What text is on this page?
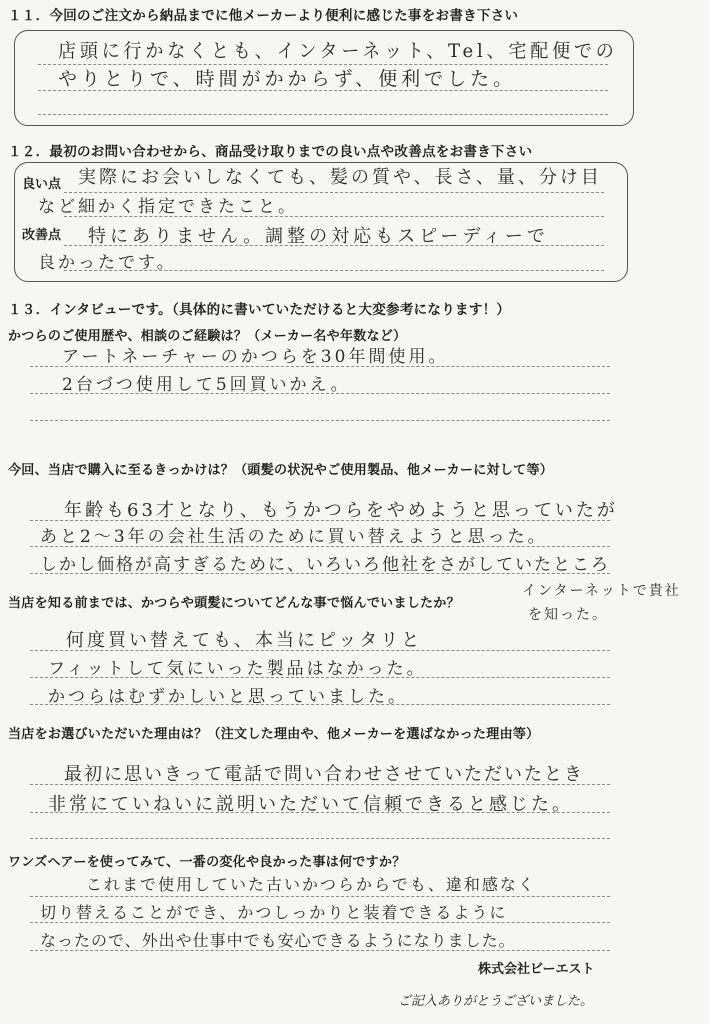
１１．今回のご注文から納品までに他メーカーより便利に感じた事をお書き下さい
店頭に行かなくとも、インターネット、Tel、宅配便での
やりとりで、時間がかからず、便利でした。
１２．最初のお問い合わせから、商品受け取りまでの良い点や改善点をお書き下さい
良い点
改善点
実際にお会いしなくても、髪の質や、長さ、量、分け目
など細かく指定できたこと。
特にありません。調整の対応もスピーディーで
良かったです。
１３．インタビューです。（具体的に書いていただけると大変参考になります！）
かつらのご使用歴や、相談のご経験は？（メーカー名や年数など）
アートネーチャーのかつらを30年間使用。
2台づつ使用して5回買いかえ。
今回、当店で購入に至るきっかけは？（頭髪の状況やご使用製品、他メーカーに対して等）
年齢も63才となり、もうかつらをやめようと思っていたが
あと2〜3年の会社生活のために買い替えようと思った。
しかし価格が高すぎるために、いろいろ他社をさがしていたところ
インターネットで貴社
を知った。
当店を知る前までは、かつらや頭髪についてどんな事で悩んでいましたか？
何度買い替えても、本当にピッタリと
フィットして気にいった製品はなかった。
かつらはむずかしいと思っていました。
当店をお選びいただいた理由は？（注文した理由や、他メーカーを選ばなかった理由等）
最初に思いきって電話で問い合わせさせていただいたとき
非常にていねいに説明いただいて信頼できると感じた。
ワンズヘアーを使ってみて、一番の変化や良かった事は何ですか？
これまで使用していた古いかつらからでも、違和感なく
切り替えることができ、かつしっかりと装着できるように
なったので、外出や仕事中でも安心できるようになりました。
株式会社ビーエスト
ご記入ありがとうございました。
